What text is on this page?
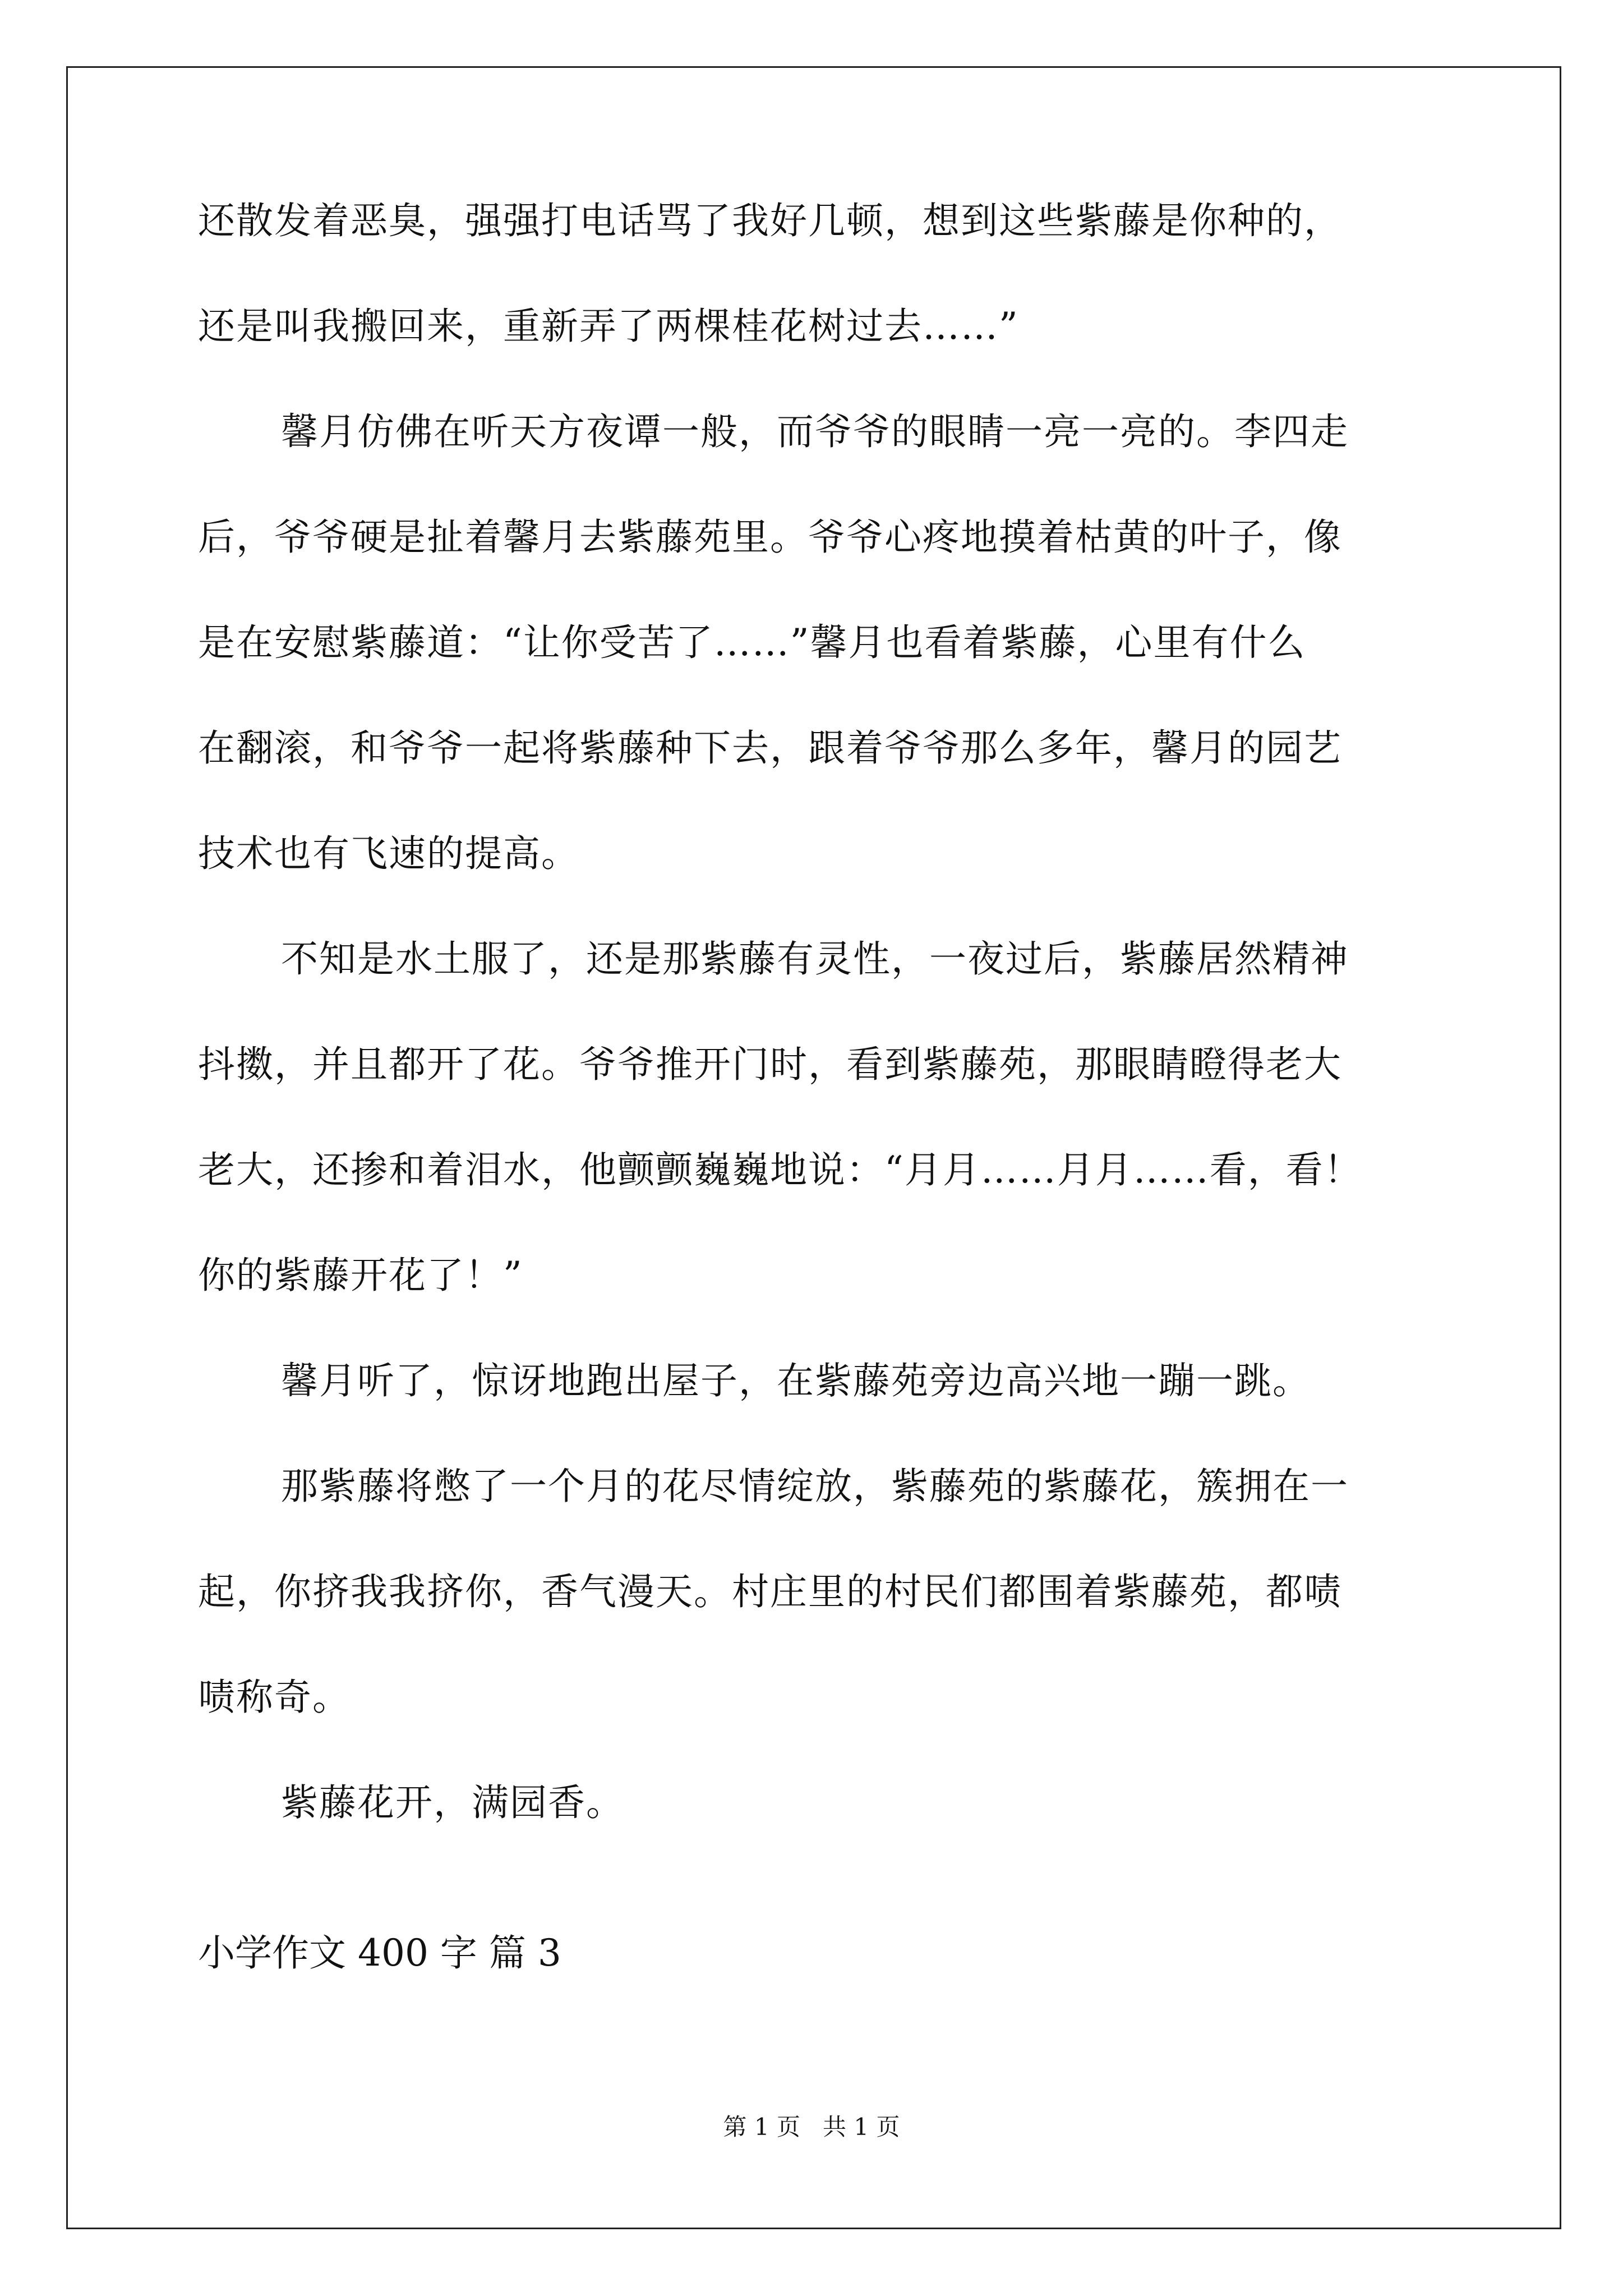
还散发着恶臭，强强打电话骂了我好几顿，想到这些紫藤是你种的，
还是叫我搬回来，重新弄了两棵桂花树过去……”
馨月仿佛在听天方夜谭一般，而爷爷的眼睛一亮一亮的。李四走
后，爷爷硬是扯着馨月去紫藤苑里。爷爷心疼地摸着枯黄的叶子，像
是在安慰紫藤道：“让你受苦了……”馨月也看着紫藤，心里有什么
在翻滚，和爷爷一起将紫藤种下去，跟着爷爷那么多年，馨月的园艺
技术也有飞速的提高。
不知是水土服了，还是那紫藤有灵性，一夜过后，紫藤居然精神
抖擞，并且都开了花。爷爷推开门时，看到紫藤苑，那眼睛瞪得老大
老大，还掺和着泪水，他颤颤巍巍地说：“月月……月月……看，看！
你的紫藤开花了！”
馨月听了，惊讶地跑出屋子，在紫藤苑旁边高兴地一蹦一跳。
那紫藤将憋了一个月的花尽情绽放，紫藤苑的紫藤花，簇拥在一
起，你挤我我挤你，香气漫天。村庄里的村民们都围着紫藤苑，都啧
啧称奇。
紫藤花开，满园香。
小学作文 400 字 篇 3
第 1 页   共 1 页
